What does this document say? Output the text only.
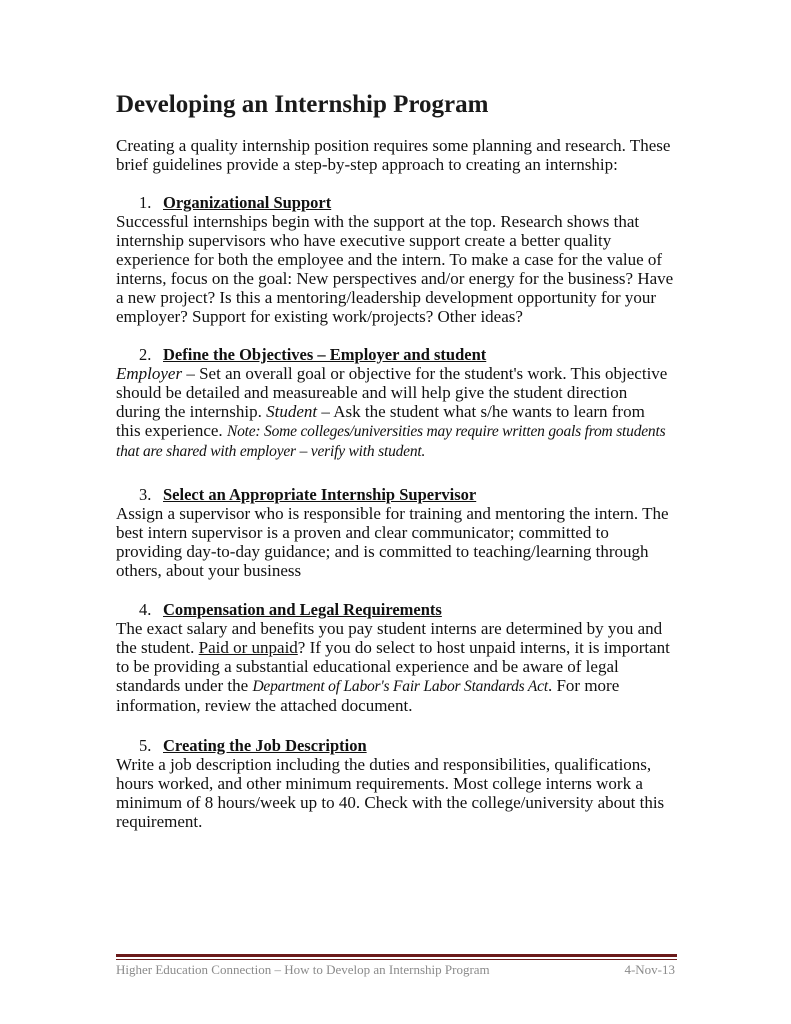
Developing an Internship Program
Creating a quality internship position requires some planning and research. These
brief guidelines provide a step-by-step approach to creating an internship:
1. Organizational Support
Successful internships begin with the support at the top. Research shows that
internship supervisors who have executive support create a better quality
experience for both the employee and the intern. To make a case for the value of
interns, focus on the goal: New perspectives and/or energy for the business? Have
a new project? Is this a mentoring/leadership development opportunity for your
employer? Support for existing work/projects? Other ideas?
2. Define the Objectives – Employer and student
Employer – Set an overall goal or objective for the student's work. This objective
should be detailed and measureable and will help give the student direction
during the internship. Student – Ask the student what s/he wants to learn from
this experience. Note: Some colleges/universities may require written goals from students
that are shared with employer – verify with student.
3. Select an Appropriate Internship Supervisor
Assign a supervisor who is responsible for training and mentoring the intern. The
best intern supervisor is a proven and clear communicator; committed to
providing day-to-day guidance; and is committed to teaching/learning through
others, about your business
4. Compensation and Legal Requirements
The exact salary and benefits you pay student interns are determined by you and
the student. Paid or unpaid? If you do select to host unpaid interns, it is important
to be providing a substantial educational experience and be aware of legal
standards under the Department of Labor's Fair Labor Standards Act. For more
information, review the attached document.
5. Creating the Job Description
Write a job description including the duties and responsibilities, qualifications,
hours worked, and other minimum requirements. Most college interns work a
minimum of 8 hours/week up to 40. Check with the college/university about this
requirement.
Higher Education Connection – How to Develop an Internship Program	4-Nov-13
